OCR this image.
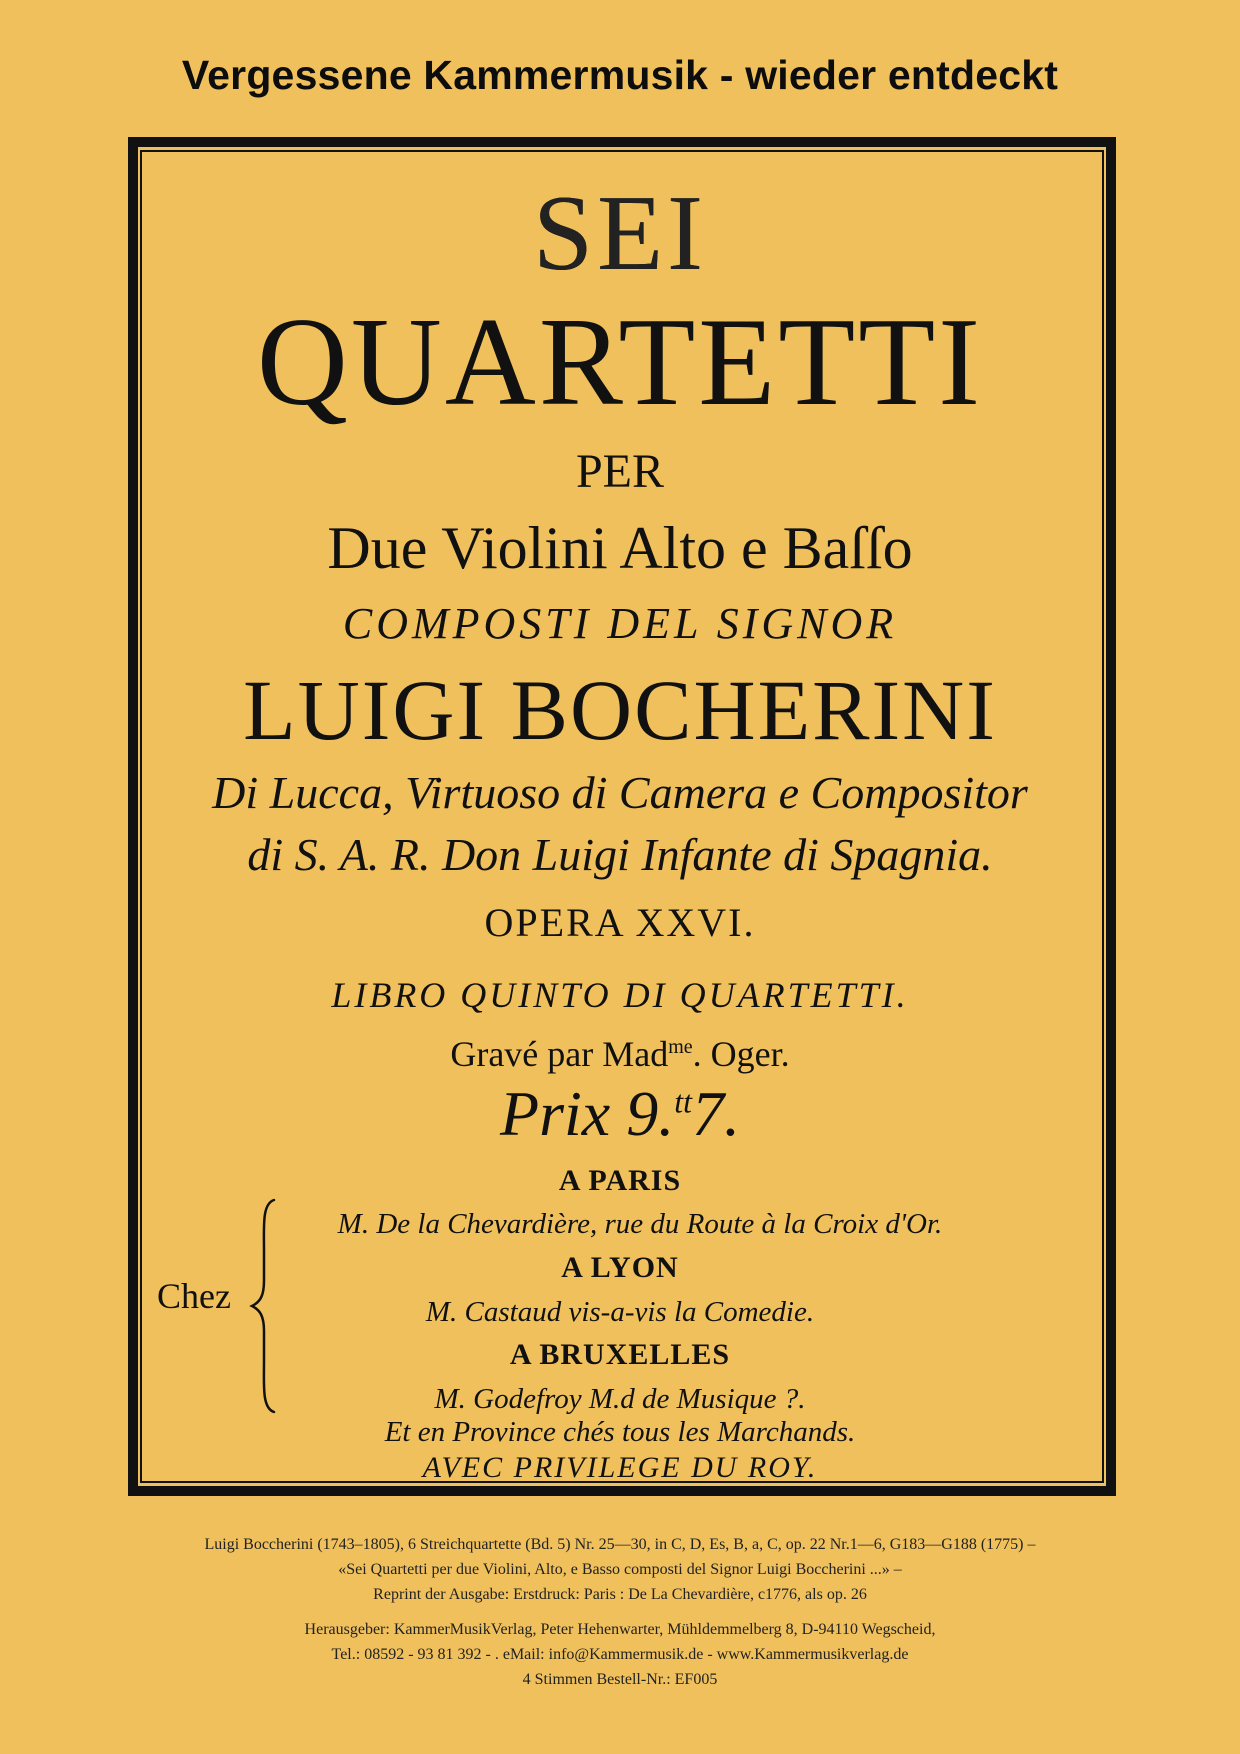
Vergessene Kammermusik - wieder entdeckt
SEI
QUARTETTI
PER
Due Violini Alto e Baſſo
COMPOSTI DEL SIGNOR
LUIGI BOCHERINI
Di Lucca, Virtuoso di Camera e Compositor
di S. A. R. Don Luigi Infante di Spagnia.
OPERA XXVI.
LIBRO QUINTO DI QUARTETTI.
Gravé par Mad$^{me}$. Oger.
Prix 9.$^{tt}$7.
A PARIS
M. De la Chevardière, rue du Route à la Croix d'Or.
A LYON
M. Castaud vis-a-vis la Comedie.
A BRUXELLES
M. Godefroy M.d de Musique ?.
Et en Province chés tous les Marchands.
AVEC PRIVILEGE DU ROY.
Chez
Luigi Boccherini (1743–1805), 6 Streichquartette (Bd. 5) Nr. 25—30, in C, D, Es, B, a, C, op. 22 Nr.1—6, G183—G188 (1775) –
«Sei Quartetti per due Violini, Alto, e Basso composti del Signor Luigi Boccherini ...» –
Reprint der Ausgabe: Erstdruck: Paris : De La Chevardière, c1776, als op. 26
Herausgeber: KammerMusikVerlag, Peter Hehenwarter, Mühldemmelberg 8, D-94110 Wegscheid,
Tel.: 08592 - 93 81 392 - . eMail: info@Kammermusik.de - www.Kammermusikverlag.de
4 Stimmen Bestell-Nr.: EF005
